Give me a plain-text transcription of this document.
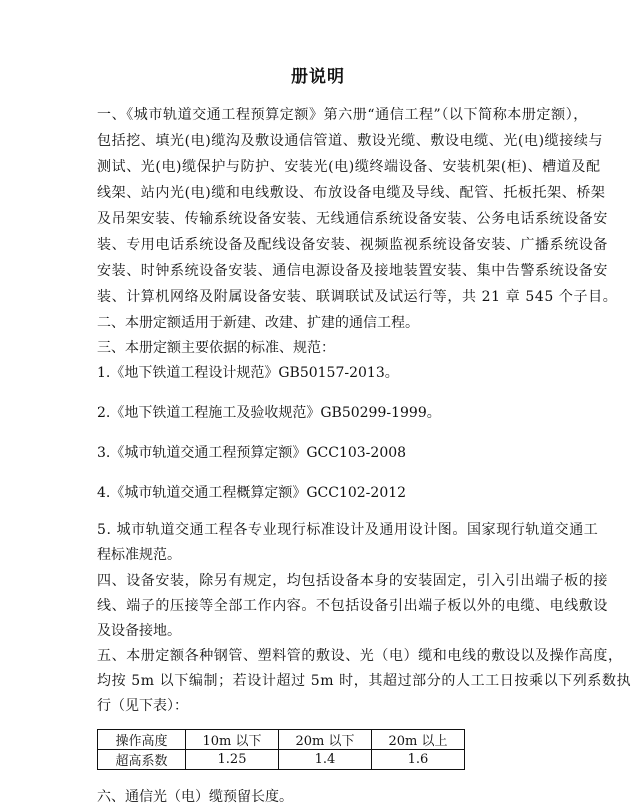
册说明
一、《城市轨道交通工程预算定额》第六册“通信工程”（以下简称本册定额），
包括挖、填光(电)缆沟及敷设通信管道、敷设光缆、敷设电缆、光(电)缆接续与
测试、光(电)缆保护与防护、安装光(电)缆终端设备、安装机架(柜)、槽道及配
线架、站内光(电)缆和电线敷设、布放设备电缆及导线、配管、托板托架、桥架
及吊架安装、传输系统设备安装、无线通信系统设备安装、公务电话系统设备安
装、专用电话系统设备及配线设备安装、视频监视系统设备安装、广播系统设备
安装、时钟系统设备安装、通信电源设备及接地装置安装、集中告警系统设备安
装、计算机网络及附属设备安装、联调联试及试运行等，共 21 章 545 个子目。
二、本册定额适用于新建、改建、扩建的通信工程。
三、本册定额主要依据的标准、规范：
1.《地下铁道工程设计规范》GB50157-2013。
2.《地下铁道工程施工及验收规范》GB50299-1999。
3.《城市轨道交通工程预算定额》GCC103-2008
4.《城市轨道交通工程概算定额》GCC102-2012
5. 城市轨道交通工程各专业现行标准设计及通用设计图。国家现行轨道交通工
程标准规范。
四、设备安装，除另有规定，均包括设备本身的安装固定，引入引出端子板的接
线、端子的压接等全部工作内容。不包括设备引出端子板以外的电缆、电线敷设
及设备接地。
五、本册定额各种钢管、塑料管的敷设、光（电）缆和电线的敷设以及操作高度，
均按 5m 以下编制；若设计超过 5m 时，其超过部分的人工工日按乘以下列系数执
行（见下表）：
操作高度	10m 以下	20m 以下	20m 以上
超高系数	1.25	1.4	1.6
六、通信光（电）缆预留长度。
